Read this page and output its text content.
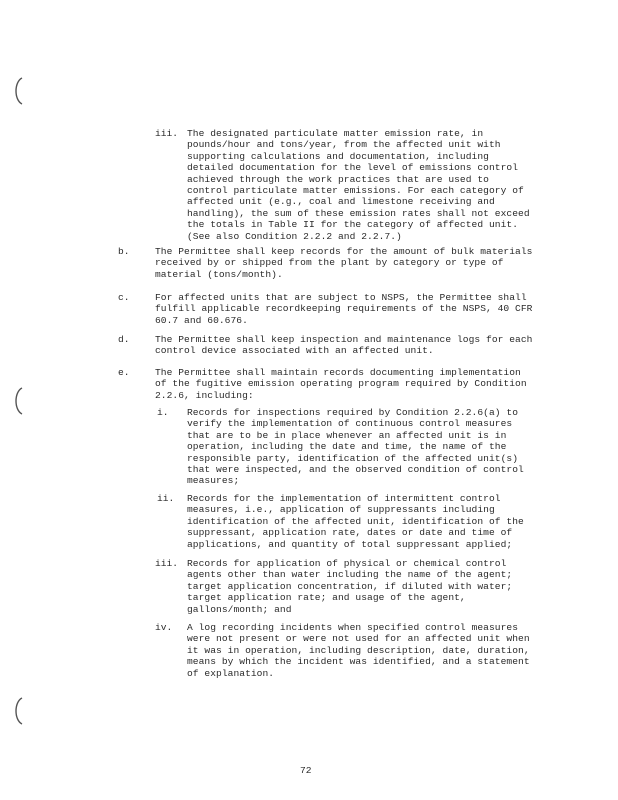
iii. The designated particulate matter emission rate, in
pounds/hour and tons/year, from the affected unit with
supporting calculations and documentation, including
detailed documentation for the level of emissions control
achieved through the work practices that are used to
control particulate matter emissions. For each category of
affected unit (e.g., coal and limestone receiving and
handling), the sum of these emission rates shall not exceed
the totals in Table II for the category of affected unit.
(See also Condition 2.2.2 and 2.2.7.)
b.	The Permittee shall keep records for the amount of bulk materials
received by or shipped from the plant by category or type of
material (tons/month).
c.	For affected units that are subject to NSPS, the Permittee shall
fulfill applicable recordkeeping requirements of the NSPS, 40 CFR
60.7 and 60.676.
d.	The Permittee shall keep inspection and maintenance logs for each
control device associated with an affected unit.
e.	The Permittee shall maintain records documenting implementation
of the fugitive emission operating program required by Condition
2.2.6, including:
i. Records for inspections required by Condition 2.2.6(a) to
verify the implementation of continuous control measures
that are to be in place whenever an affected unit is in
operation, including the date and time, the name of the
responsible party, identification of the affected unit(s)
that were inspected, and the observed condition of control
measures;
ii. Records for the implementation of intermittent control
measures, i.e., application of suppressants including
identification of the affected unit, identification of the
suppressant, application rate, dates or date and time of
applications, and quantity of total suppressant applied;
iii. Records for application of physical or chemical control
agents other than water including the name of the agent;
target application concentration, if diluted with water;
target application rate; and usage of the agent,
gallons/month; and
iv. A log recording incidents when specified control measures
were not present or were not used for an affected unit when
it was in operation, including description, date, duration,
means by which the incident was identified, and a statement
of explanation.
72
